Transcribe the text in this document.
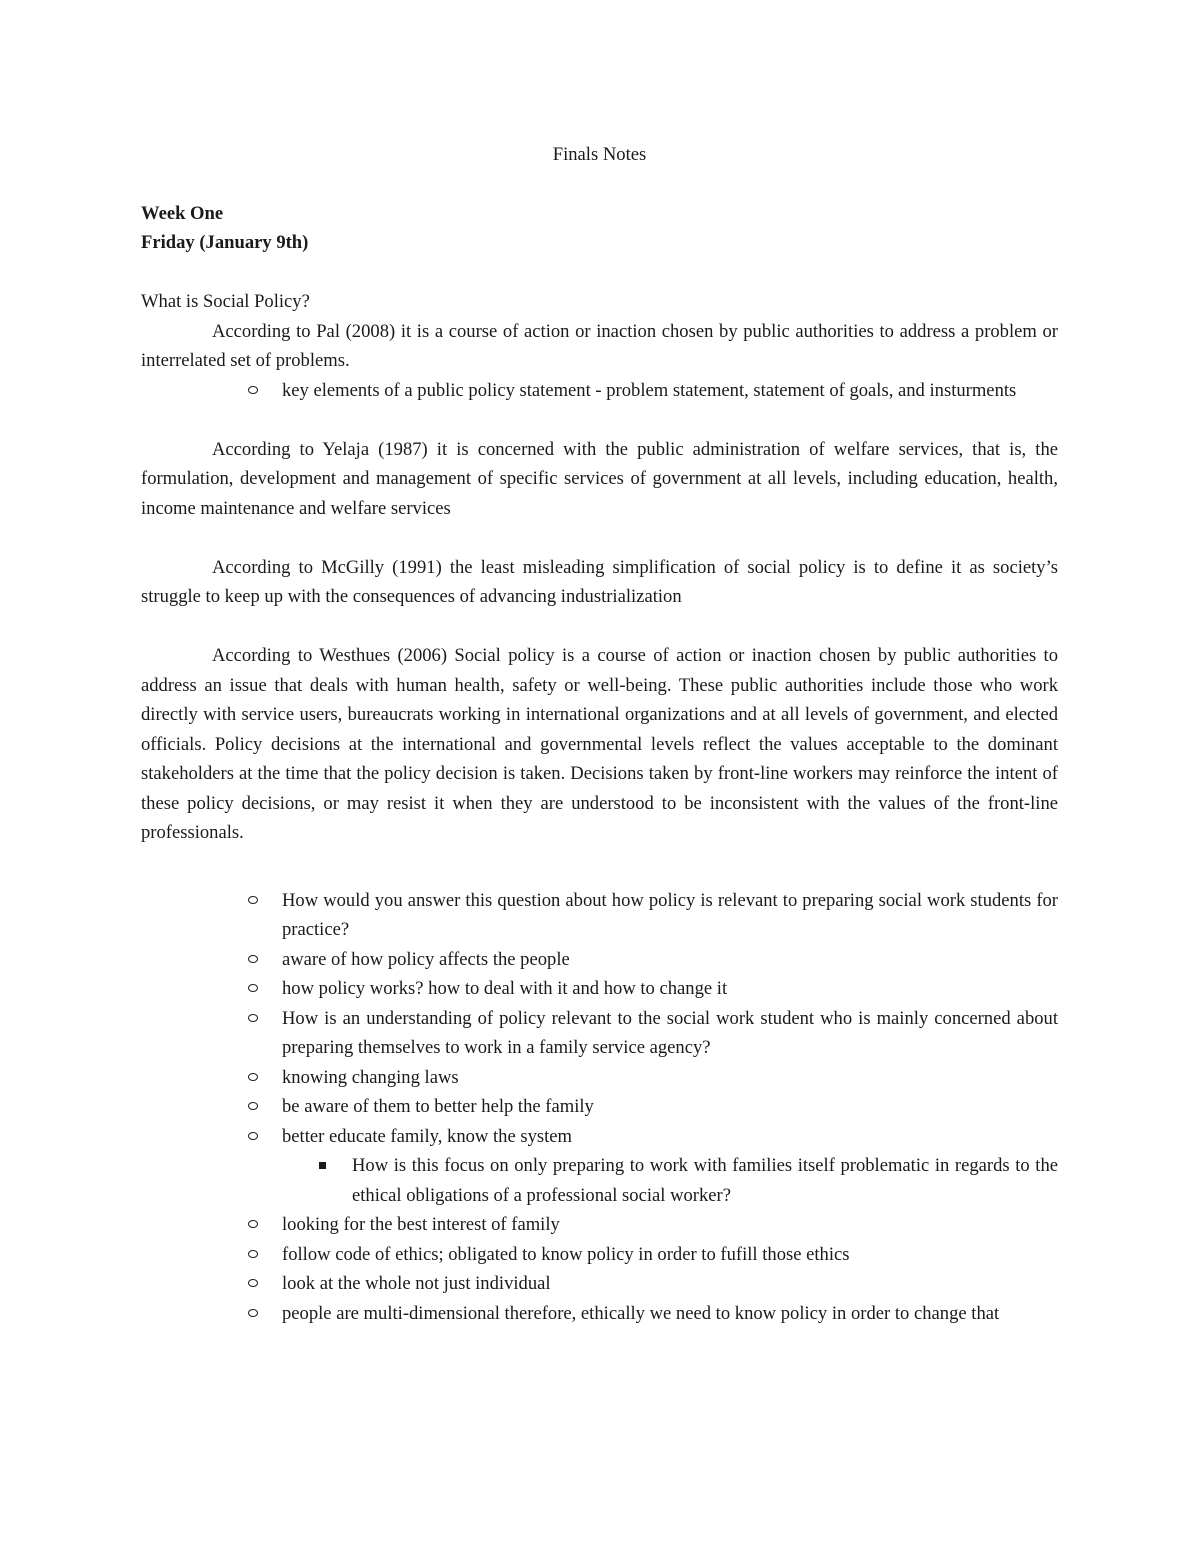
Finals Notes

Week One

Friday (January 9th)

What is Social Policy?

According to Pal (2008) it is a course of action or inaction chosen by public authorities to address a problem or interrelated set of problems.

key elements of a public policy statement - problem statement, statement of goals, and insturments

According to Yelaja (1987) it is concerned with the public administration of welfare services, that is, the formulation, development and management of specific services of government at all levels, including education, health, income maintenance and welfare services

According to McGilly (1991) the least misleading simplification of social policy is to define it as society’s struggle to keep up with the consequences of advancing industrialization

According to Westhues (2006) Social policy is a course of action or inaction chosen by public authorities to address an issue that deals with human health, safety or well-being. These public authorities include those who work directly with service users, bureaucrats working in international organizations and at all levels of government, and elected officials. Policy decisions at the international and governmental levels reflect the values acceptable to the dominant stakeholders at the time that the policy decision is taken. Decisions taken by front-line workers may reinforce the intent of these policy decisions, or may resist it when they are understood to be inconsistent with the values of the front-line professionals.

How would you answer this question about how policy is relevant to preparing social work students for practice?
aware of how policy affects the people
how policy works? how to deal with it and how to change it
How is an understanding of policy relevant to the social work student who is mainly concerned about preparing themselves to work in a family service agency?
knowing changing laws
be aware of them to better help the family
better educate family, know the system
How is this focus on only preparing to work with families itself problematic in regards to the ethical obligations of a professional social worker?
looking for the best interest of family
follow code of ethics; obligated to know policy in order to fufill those ethics
look at the whole not just individual
people are multi-dimensional therefore, ethically we need to know policy in order to change that
